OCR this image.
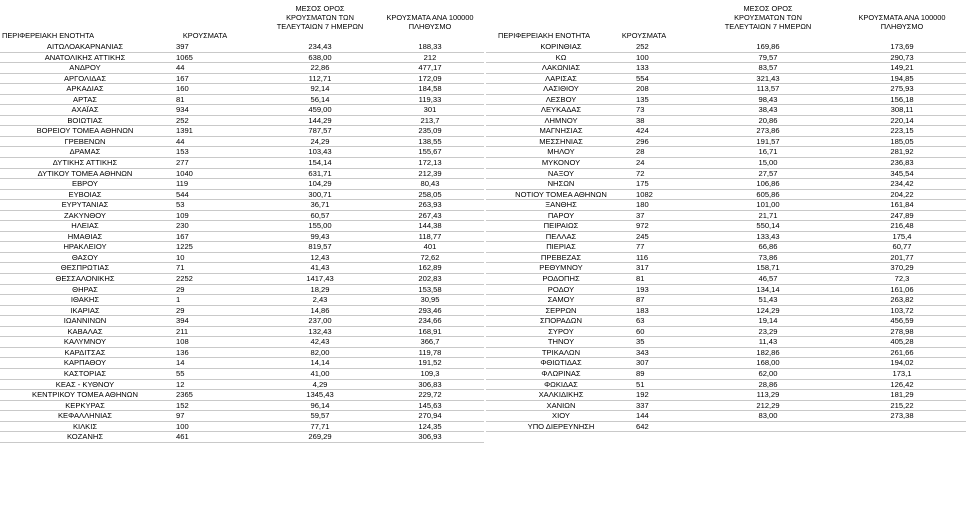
ΠΕΡΙΦΕΡΕΙΑΚΗ ΕΝΟΤΗΤΑ	ΚΡΟΥΣΜΑΤΑ
ΜΕΣΟΣ ΟΡΟΣ
ΚΡΟΥΣΜΑΤΩΝ ΤΩΝ
ΤΕΛΕΥΤΑΙΩΝ 7 ΗΜΕΡΩΝ
ΚΡΟΥΣΜΑΤΑ ΑΝΑ 100000
ΠΛΗΘΥΣΜΟ
ΑΙΤΩΛΟΑΚΑΡΝΑΝΙΑΣ	397	234,43	188,33
ΑΝΑΤΟΛΙΚΗΣ ΑΤΤΙΚΗΣ	1065	638,00	212
ΑΝΔΡΟΥ	44	22,86	477,17
ΑΡΓΟΛΙΔΑΣ	167	112,71	172,09
ΑΡΚΑΔΙΑΣ	160	92,14	184,58
ΑΡΤΑΣ	81	56,14	119,33
ΑΧΑΪΑΣ	934	459,00	301
ΒΟΙΩΤΙΑΣ	252	144,29	213,7
ΒΟΡΕΙΟΥ ΤΟΜΕΑ ΑΘΗΝΩΝ	1391	787,57	235,09
ΓΡΕΒΕΝΩΝ	44	24,29	138,55
ΔΡΑΜΑΣ	153	103,43	155,67
ΔΥΤΙΚΗΣ ΑΤΤΙΚΗΣ	277	154,14	172,13
ΔΥΤΙΚΟΥ ΤΟΜΕΑ ΑΘΗΝΩΝ	1040	631,71	212,39
ΕΒΡΟΥ	119	104,29	80,43
ΕΥΒΟΙΑΣ	544	300,71	258,05
ΕΥΡΥΤΑΝΙΑΣ	53	36,71	263,93
ΖΑΚΥΝΘΟΥ	109	60,57	267,43
ΗΛΕΙΑΣ	230	155,00	144,38
ΗΜΑΘΙΑΣ	167	99,43	118,77
ΗΡΑΚΛΕΙΟΥ	1225	819,57	401
ΘΑΣΟΥ	10	12,43	72,62
ΘΕΣΠΡΩΤΙΑΣ	71	41,43	162,89
ΘΕΣΣΑΛΟΝΙΚΗΣ	2252	1417,43	202,83
ΘΗΡΑΣ	29	18,29	153,58
ΙΘΑΚΗΣ	1	2,43	30,95
ΙΚΑΡΙΑΣ	29	14,86	293,46
ΙΩΑΝΝΙΝΩΝ	394	237,00	234,66
ΚΑΒΑΛΑΣ	211	132,43	168,91
ΚΑΛΥΜΝΟΥ	108	42,43	366,7
ΚΑΡΔΙΤΣΑΣ	136	82,00	119,78
ΚΑΡΠΑΘΟΥ	14	14,14	191,52
ΚΑΣΤΟΡΙΑΣ	55	41,00	109,3
ΚΕΑΣ - ΚΥΘΝΟΥ	12	4,29	306,83
ΚΕΝΤΡΙΚΟΥ ΤΟΜΕΑ ΑΘΗΝΩΝ	2365	1345,43	229,72
ΚΕΡΚΥΡΑΣ	152	96,14	145,63
ΚΕΦΑΛΛΗΝΙΑΣ	97	59,57	270,94
ΚΙΛΚΙΣ	100	77,71	124,35
ΚΟΖΑΝΗΣ	461	269,29	306,93
ΠΕΡΙΦΕΡΕΙΑΚΗ ΕΝΟΤΗΤΑ	ΚΡΟΥΣΜΑΤΑ
ΜΕΣΟΣ ΟΡΟΣ
ΚΡΟΥΣΜΑΤΩΝ ΤΩΝ
ΤΕΛΕΥΤΑΙΩΝ 7 ΗΜΕΡΩΝ
ΚΡΟΥΣΜΑΤΑ ΑΝΑ 100000
ΠΛΗΘΥΣΜΟ
ΚΟΡΙΝΘΙΑΣ	252	169,86	173,69
ΚΩ	100	79,57	290,73
ΛΑΚΩΝΙΑΣ	133	83,57	149,21
ΛΑΡΙΣΑΣ	554	321,43	194,85
ΛΑΣΙΘΙΟΥ	208	113,57	275,93
ΛΕΣΒΟΥ	135	98,43	156,18
ΛΕΥΚΑΔΑΣ	73	38,43	308,11
ΛΗΜΝΟΥ	38	20,86	220,14
ΜΑΓΝΗΣΙΑΣ	424	273,86	223,15
ΜΕΣΣΗΝΙΑΣ	296	191,57	185,05
ΜΗΛΟΥ	28	16,71	281,92
ΜΥΚΟΝΟΥ	24	15,00	236,83
ΝΑΞΟΥ	72	27,57	345,54
ΝΗΣΩΝ	175	106,86	234,42
ΝΟΤΙΟΥ ΤΟΜΕΑ ΑΘΗΝΩΝ	1082	605,86	204,22
ΞΑΝΘΗΣ	180	101,00	161,84
ΠΑΡΟΥ	37	21,71	247,89
ΠΕΙΡΑΙΩΣ	972	550,14	216,48
ΠΕΛΛΑΣ	245	133,43	175,4
ΠΙΕΡΙΑΣ	77	66,86	60,77
ΠΡΕΒΕΖΑΣ	116	73,86	201,77
ΡΕΘΥΜΝΟΥ	317	158,71	370,29
ΡΟΔΟΠΗΣ	81	46,57	72,3
ΡΟΔΟΥ	193	134,14	161,06
ΣΑΜΟΥ	87	51,43	263,82
ΣΕΡΡΩΝ	183	124,29	103,72
ΣΠΟΡΑΔΩΝ	63	19,14	456,59
ΣΥΡΟΥ	60	23,29	278,98
ΤΗΝΟΥ	35	11,43	405,28
ΤΡΙΚΑΛΩΝ	343	182,86	261,66
ΦΘΙΩΤΙΔΑΣ	307	168,00	194,02
ΦΛΩΡΙΝΑΣ	89	62,00	173,1
ΦΩΚΙΔΑΣ	51	28,86	126,42
ΧΑΛΚΙΔΙΚΗΣ	192	113,29	181,29
ΧΑΝΙΩΝ	337	212,29	215,22
ΧΙΟΥ	144	83,00	273,38
ΥΠΟ ΔΙΕΡΕΥΝΗΣΗ	642
